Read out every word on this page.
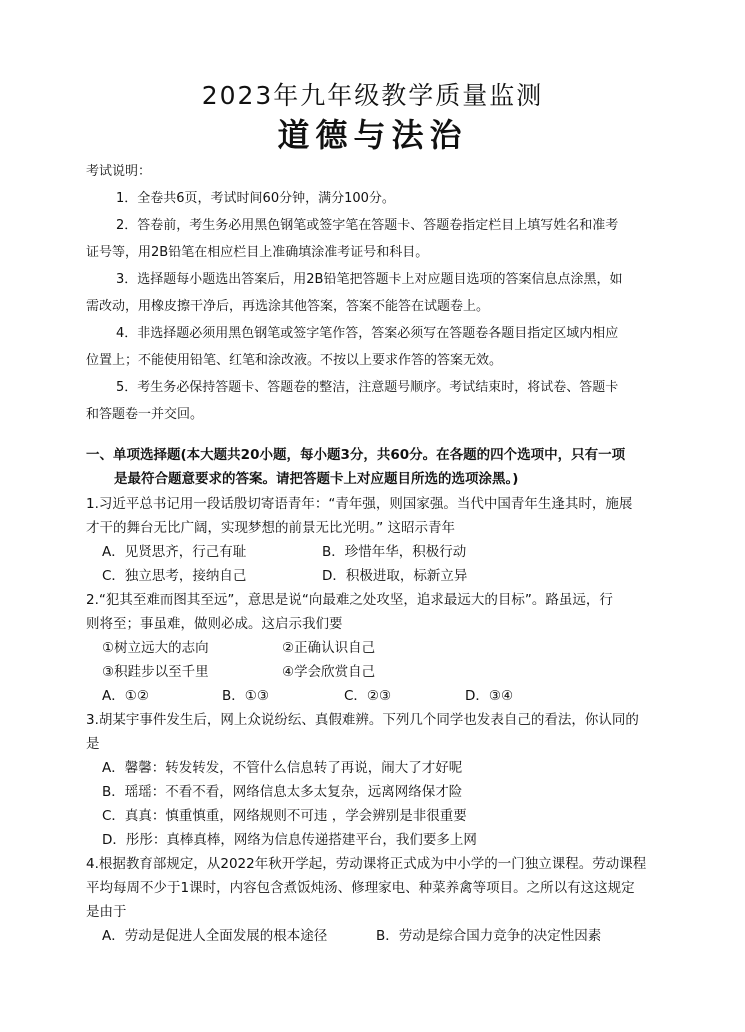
2023年九年级教学质量监测
道德与法治
考试说明：
1．全卷共6页，考试时间60分钟，满分100分。
2．答卷前，考生务必用黑色钢笔或签字笔在答题卡、答题卷指定栏目上填写姓名和准考
证号等，用2B铅笔在相应栏目上准确填涂准考证号和科目。
3．选择题每小题选出答案后，用2B铅笔把答题卡上对应题目选项的答案信息点涂黑，如
需改动，用橡皮擦干净后，再选涂其他答案，答案不能答在试题卷上。
4．非选择题必须用黑色钢笔或签字笔作答，答案必须写在答题卷各题目指定区域内相应
位置上；不能使用铅笔、红笔和涂改液。不按以上要求作答的答案无效。
5．考生务必保持答题卡、答题卷的整洁，注意题号顺序。考试结束时，将试卷、答题卡
和答题卷一并交回。
一、单项选择题(本大题共20小题，每小题3分，共60分。在各题的四个选项中，只有一项
是最符合题意要求的答案。请把答题卡上对应题目所选的选项涂黑。)
1.习近平总书记用一段话殷切寄语青年：“青年强，则国家强。当代中国青年生逢其时，施展
才干的舞台无比广阔，实现梦想的前景无比光明。” 这昭示青年
A．见贤思齐，行己有耻	B．珍惜年华，积极行动
C．独立思考，接纳自己	D．积极进取，标新立异
2.“犯其至难而图其至远”，意思是说“向最难之处攻坚，追求最远大的目标”。路虽远，行
则将至；事虽难，做则必成。这启示我们要
①树立远大的志向	②正确认识自己
③积跬步以至千里	④学会欣赏自己
A．①②	B．①③	C．②③	D．③④
3.胡某宇事件发生后，网上众说纷纭、真假难辨。下列几个同学也发表自己的看法，你认同的
是
A．馨馨：转发转发，不管什么信息转了再说，闹大了才好呢
B．瑶瑶：不看不看，网络信息太多太复杂，远离网络保才险
C．真真：慎重慎重，网络规则不可违 ，学会辨别是非很重要
D．彤彤：真棒真棒，网络为信息传递搭建平台，我们要多上网
4.根据教育部规定，从2022年秋开学起，劳动课将正式成为中小学的一门独立课程。劳动课程
平均每周不少于1课时，内容包含煮饭炖汤、修理家电、种菜养禽等项目。之所以有这这规定
是由于
A．劳动是促进人全面发展的根本途径	B．劳动是综合国力竞争的决定性因素
